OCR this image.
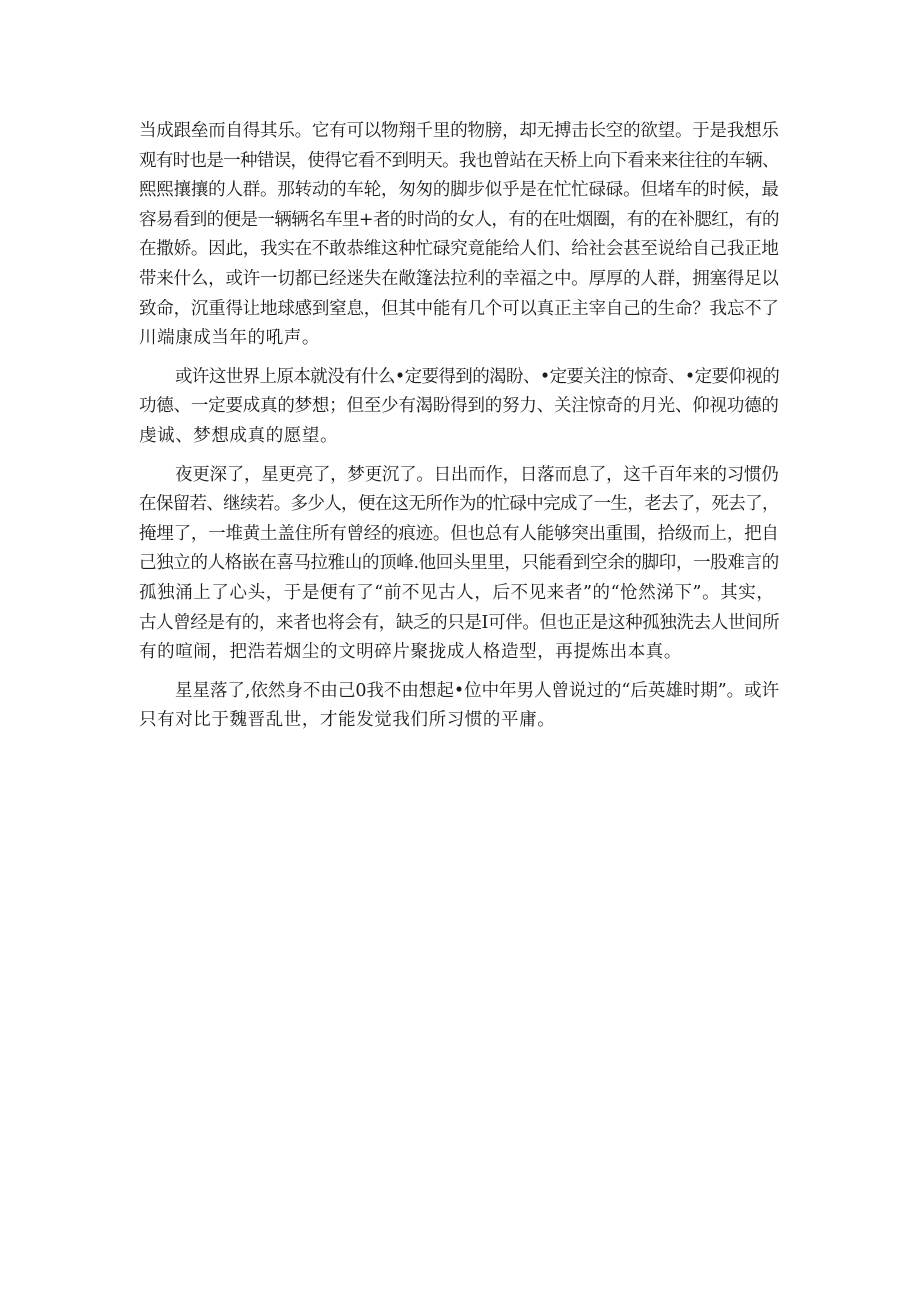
当成跟垒而自得其乐。它有可以物翔千里的物膀，却无搏击长空的欲望。于是我想乐
观有时也是一种错误，使得它看不到明天。我也曾站在天桥上向下看来来往往的车辆、
熙熙攘攘的人群。那转动的车轮，匆匆的脚步似乎是在忙忙碌碌。但堵车的时候，最
容易看到的便是一辆辆名车里+者的时尚的女人，有的在吐烟圈，有的在补腮红，有的
在撒娇。因此，我实在不敢恭维这种忙碌究竟能给人们、给社会甚至说给自己我正地
带来什么，或许一切都已经迷失在敞篷法拉利的幸福之中。厚厚的人群，拥塞得足以
致命，沉重得让地球感到窒息，但其中能有几个可以真正主宰自己的生命？我忘不了
川端康成当年的吼声。
或许这世界上原本就没有什么•定要得到的渴盼、•定要关注的惊奇、•定要仰视的
功德、一定要成真的梦想；但至少有渴盼得到的努力、关注惊奇的月光、仰视功德的
虔诚、梦想成真的愿望。
夜更深了，星更亮了，梦更沉了。日出而作，日落而息了，这千百年来的习惯仍
在保留若、继续若。多少人，便在这无所作为的忙碌中完成了一生，老去了，死去了，
掩埋了，一堆黄土盖住所有曾经的痕迹。但也总有人能够突出重围，拾级而上，把自
己独立的人格嵌在喜马拉雅山的顶峰.他回头里里，只能看到空余的脚印，一股难言的
孤独涌上了心头，于是便有了“前不见古人，后不见来者”的“怆然涕下”。其实，
古人曾经是有的，来者也将会有，缺乏的只是I可伴。但也正是这种孤独洗去人世间所
有的喧闹，把浩若烟尘的文明碎片聚拢成人格造型，再提炼出本真。
星星落了,依然身不由己0我不由想起•位中年男人曾说过的“后英雄时期”。或许
只有对比于魏晋乱世，才能发觉我们所习惯的平庸。
